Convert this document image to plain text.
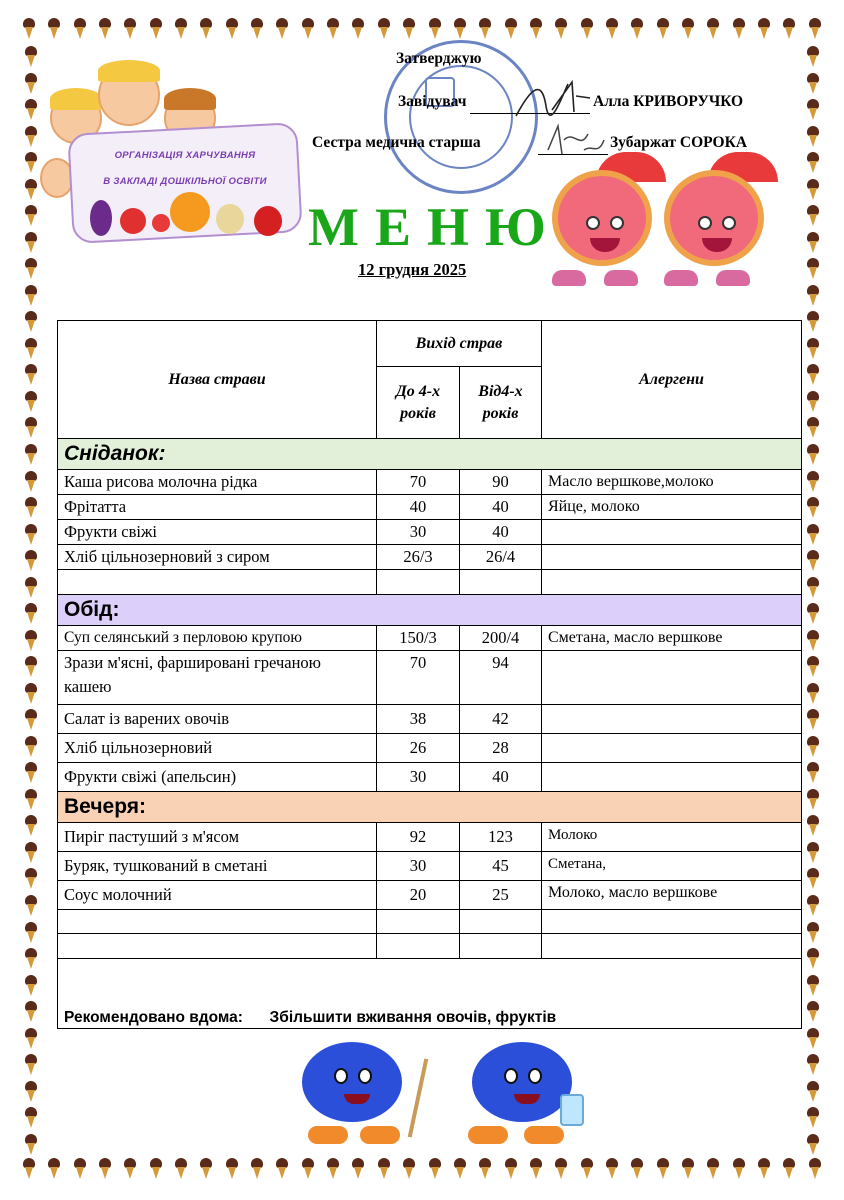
ОРГАНІЗАЦІЯ ХАРЧУВАННЯ
В ЗАКЛАДІ ДОШКІЛЬНОЇ ОСВІТИ
Затверджую
Завідувач	Алла КРИВОРУЧКО
Сестра медична старша	Зубаржат СОРОКА
МЕНЮ
12 грудня 2025
Назва страви	Вихід страв		Алергени
	До 4-х років	Від4-х років	
Сніданок:			
Каша рисова молочна рідка	70	90	Масло вершкове,молоко
Фрітатта	40	40	Яйце, молоко
Фрукти свіжі	30	40	
Хліб цільнозерновий з сиром	26/3	26/4	

Обід:			
Суп селянський з перловою крупою	150/3	200/4	Сметана, масло вершкове
Зрази м'ясні, фаршировані гречаною кашею	70	94	
Салат із варених овочів	38	42	
Хліб цільнозерновий	26	28	
Фрукти свіжі (апельсин)	30	40	
Вечеря:			
Пиріг пастуший з м'ясом	92	123	Молоко
Буряк, тушкований в сметані	30	45	Сметана,
Соус молочний	20	25	Молоко, масло вершкове

Рекомендовано вдома: Збільшити вживання овочів, фруктів			
